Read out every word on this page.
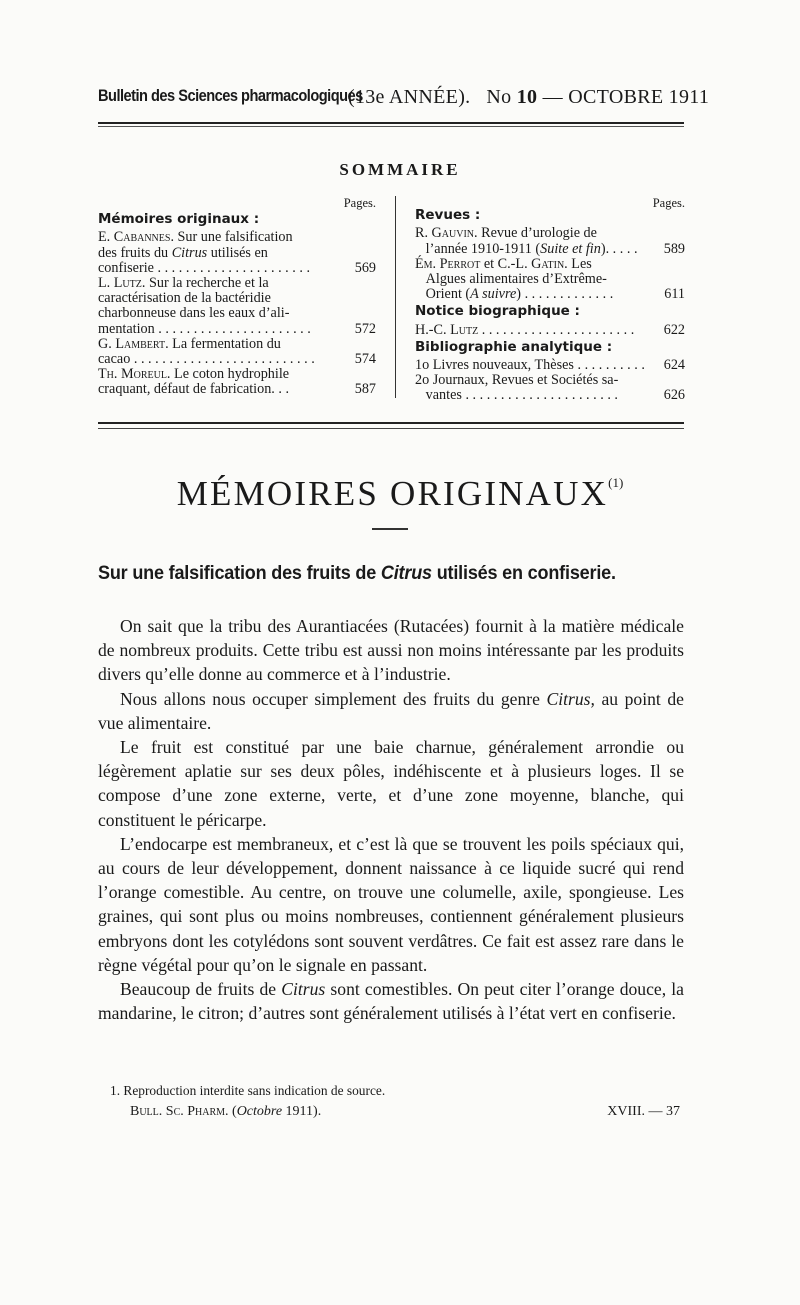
Bulletin des Sciences pharmacologiques
(13e ANNÉE). No 10 — OCTOBRE 1911
SOMMAIRE
Pages.
Mémoires originaux :
E. Cabannes. Sur une falsification
des fruits du Citrus utilisés en
confiserie . . . . . . . . . . . . . . . . . . . . . .	569
L. Lutz. Sur la recherche et la
caractérisation de la bactéridie
charbonneuse dans les eaux d’ali-
mentation . . . . . . . . . . . . . . . . . . . . . .	572
G. Lambert. La fermentation du
cacao . . . . . . . . . . . . . . . . . . . . . . . . . .	574
Th. Moreul. Le coton hydrophile
craquant, défaut de fabrication. . .	587
Pages.
Revues :
R. Gauvin. Revue d’urologie de
l’année 1910-1911 (Suite et fin). . . . .	589
Ém. Perrot et C.-L. Gatin. Les
Algues alimentaires d’Extrême-
Orient (A suivre) . . . . . . . . . . . . .	611
Notice biographique :
H.-C. Lutz . . . . . . . . . . . . . . . . . . . . . .	622
Bibliographie analytique :
1o Livres nouveaux, Thèses . . . . . . . . . .	624
2o Journaux, Revues et Sociétés sa-
vantes . . . . . . . . . . . . . . . . . . . . . .	626
MÉMOIRES ORIGINAUX$^{(1)}$
Sur une falsification des fruits de Citrus utilisés en confiserie.

On sait que la tribu des Aurantiacées (Rutacées) fournit à la matière médicale de nombreux produits. Cette tribu est aussi non moins intéressante par les produits divers qu’elle donne au commerce et à l’industrie.

Nous allons nous occuper simplement des fruits du genre Citrus, au point de vue alimentaire.

Le fruit est constitué par une baie charnue, généralement arrondie ou légèrement aplatie sur ses deux pôles, indéhiscente et à plusieurs loges. Il se compose d’une zone externe, verte, et d’une zone moyenne, blanche, qui constituent le péricarpe.

L’endocarpe est membraneux, et c’est là que se trouvent les poils spéciaux qui, au cours de leur développement, donnent naissance à ce liquide sucré qui rend l’orange comestible. Au centre, on trouve une columelle, axile, spongieuse. Les graines, qui sont plus ou moins nombreuses, contiennent généralement plusieurs embryons dont les cotylédons sont souvent verdâtres. Ce fait est assez rare dans le règne végétal pour qu’on le signale en passant.

Beaucoup de fruits de Citrus sont comestibles. On peut citer l’orange douce, la mandarine, le citron; d’autres sont généralement utilisés à l’état vert en confiserie.

1. Reproduction interdite sans indication de source.
Bull. Sc. Pharm. (Octobre 1911).	XVIII. — 37
